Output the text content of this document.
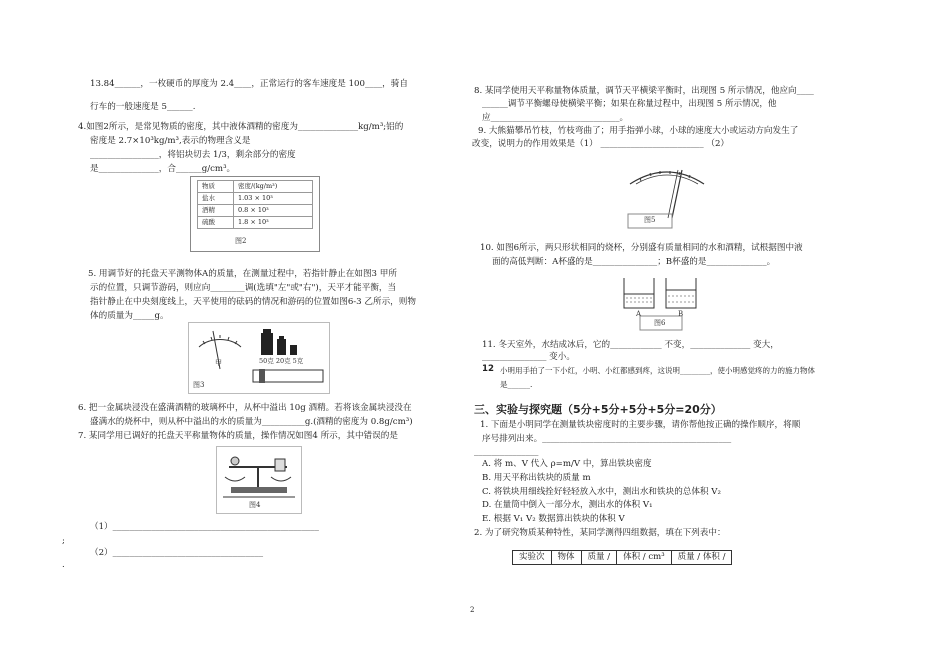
13.84______，一枚硬币的厚度为 2.4____，正常运行的客车速度是 100____，骑自
行车的一般速度是 5______.
4.如图2所示，是常见物质的密度，其中液体酒精的密度为______________kg/m³;铝的
密度是 2.7×10³kg/m³,表示的物理含义是
________________，将铝块切去 1/3，剩余部分的密度
是______________，合______g/cm³。
物质	密度/(kg/m³)
盐水	1.03 × 10³
酒精	0.8 × 10³
硫酸	1.8 × 10³
图2
5. 用调节好的托盘天平测物体A的质量，在测量过程中，若指针静止在如图3 甲所
示的位置，只调节游码，则应向________调(选填"左"或"右")，天平才能平衡，当
指针静止在中央刻度线上，天平使用的砝码的情况和游码的位置如图6-3 乙所示，则物
体的质量为_____g。
甲	50克 20克 5克
图3
6. 把一金属块浸没在盛满酒精的玻璃杯中，从杯中溢出 10g 酒精。若将该金属块浸没在
盛满水的烧杯中，则从杯中溢出的水的质量为__________g.(酒精的密度为 0.8g/cm³)
7. 某同学用已调好的托盘天平称量物体的质量，操作情况如图4 所示，其中错误的是
图4
（1）________________________________________________
;
（2）___________________________________
.
8. 某同学使用天平称量物体质量，调节天平横梁平衡时，出现图 5 所示情况，他应向____
______调节平衡螺母使横梁平衡；如果在称量过程中，出现图 5 所示情况，他
应______________________________。
9. 大熊猫攀吊竹枝，竹枝弯曲了；用手指弹小球，小球的速度大小或运动方向发生了
改变，说明力的作用效果是（1） ________________________ （2）
图5
10. 如图6所示，两只形状相同的烧杯，分别盛有质量相同的水和酒精，试根据图中液
面的高低判断：A杯盛的是_______________；B杯盛的是______________。
A	B
图6
11. 冬天室外，水结成冰后，它的____________ 不变，______________ 变大，
_______________ 变小。
12 小明用手拍了一下小红，小明、小红都感到疼，这说明________，使小明感觉疼的力的施力物体
是______.
三、实验与探究题（5分+5分+5分+5分=20分）
1. 下面是小明同学在测量铁块密度时的主要步骤，请你帮他按正确的操作顺序，将顺
序号排列出来。____________________________________________
_______________
A. 将 m、V 代入 ρ=m/V 中，算出铁块密度
B. 用天平称出铁块的质量 m
C. 将铁块用细线拴好轻轻放入水中，测出水和铁块的总体积 V₂
D. 在量筒中倒入一部分水，测出水的体积 V₁
E. 根据 V₁ V₂ 数据算出铁块的体积 V
2. 为了研究物质某种特性，某同学测得四组数据，填在下列表中：
实验次	物体	质量 /	体积 / cm³	质量 / 体积 /
2
